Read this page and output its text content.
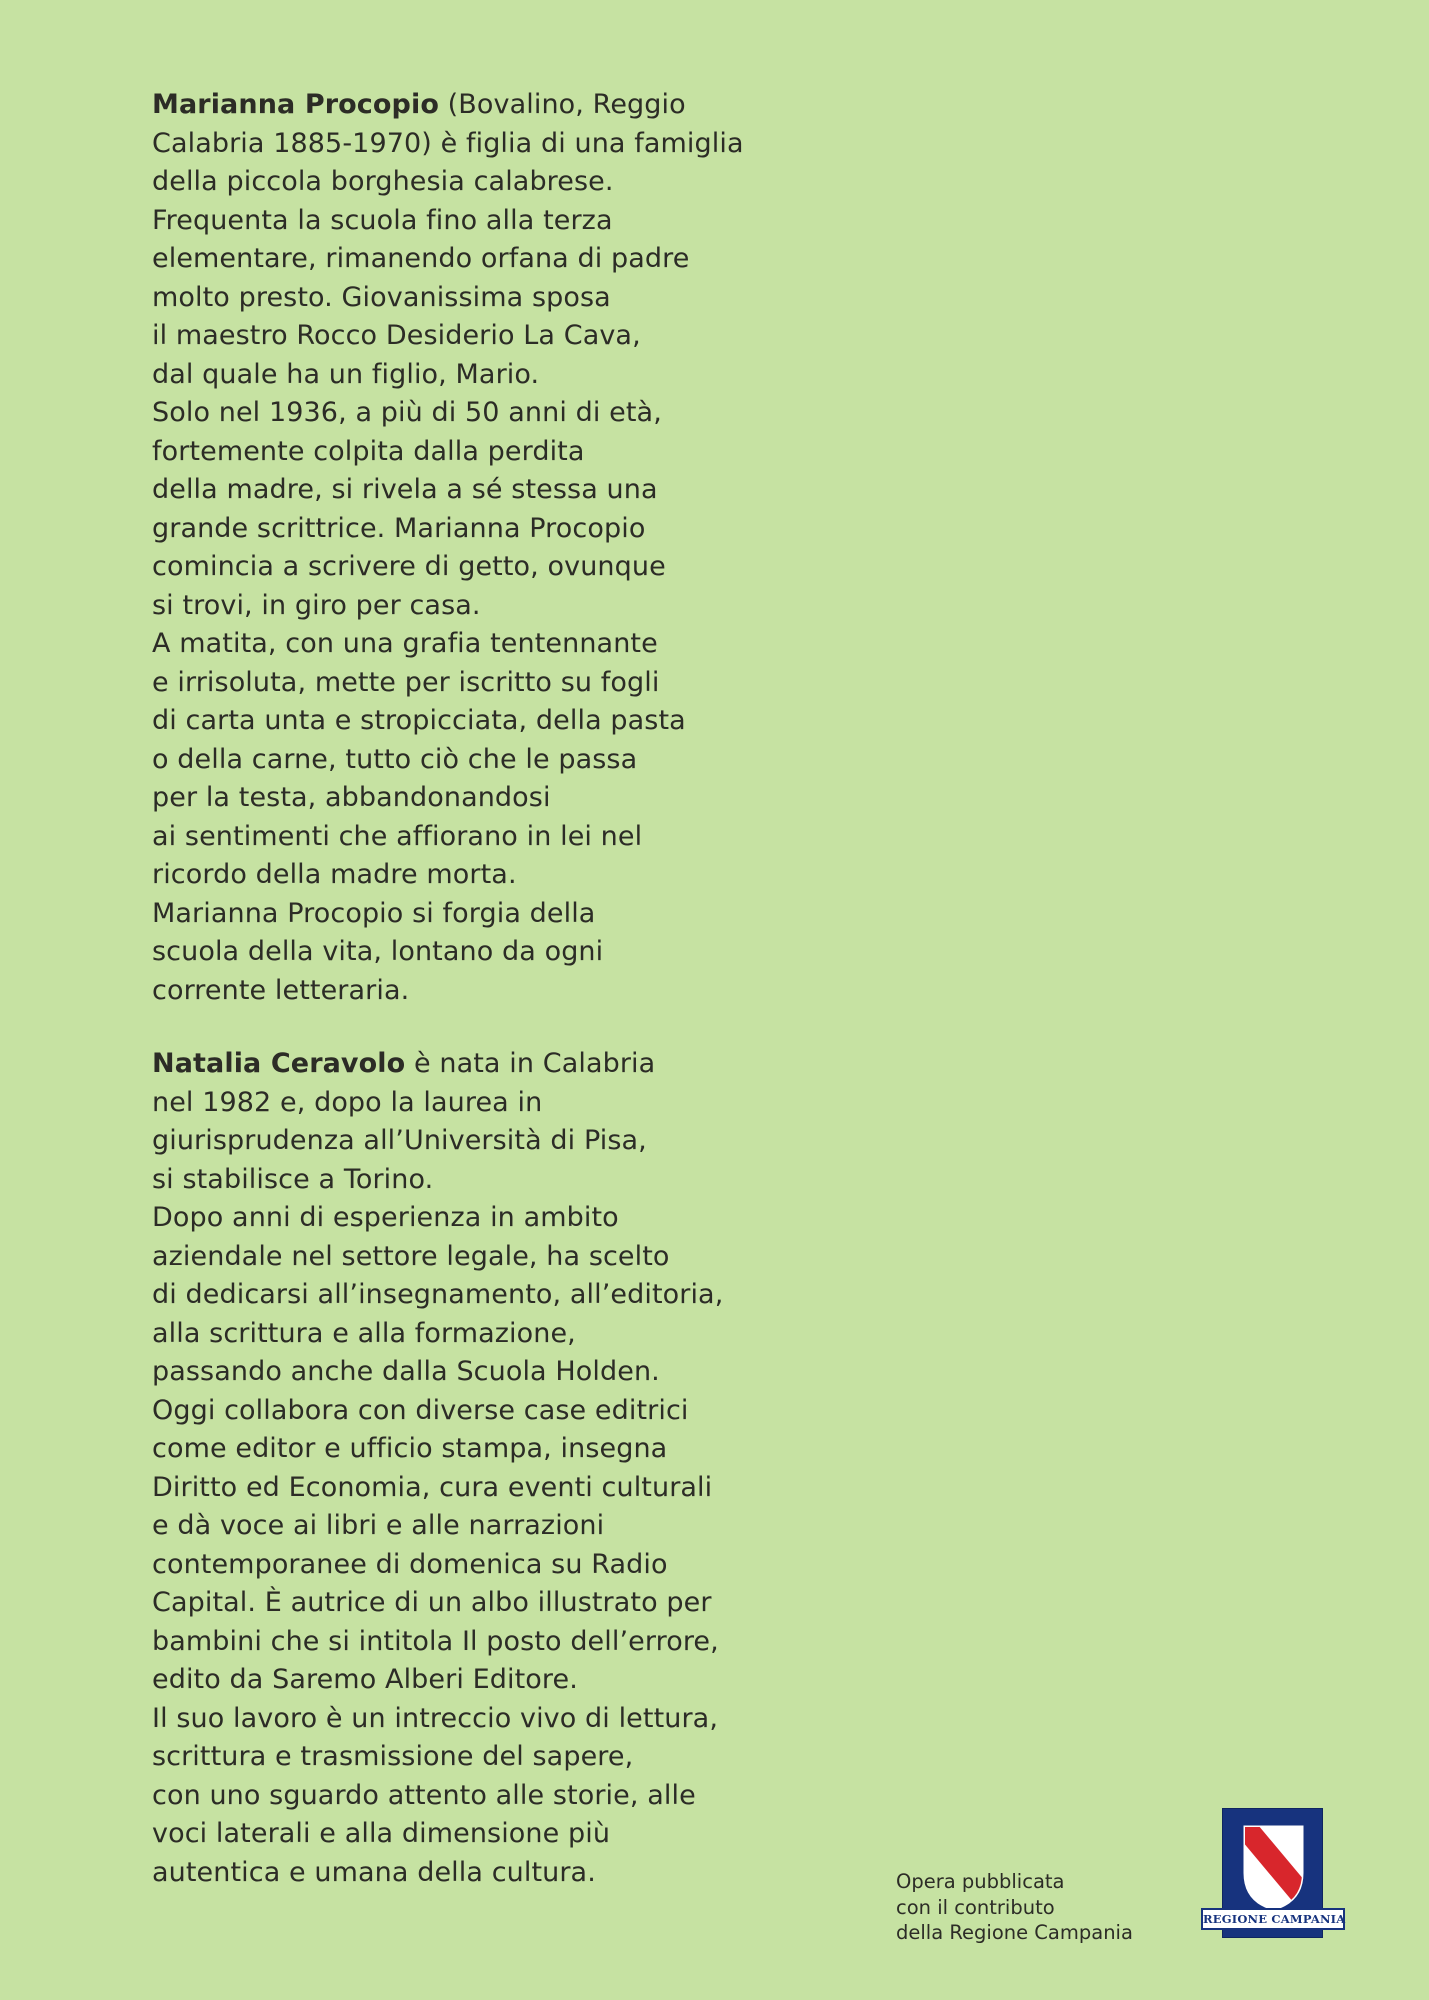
Marianna Procopio (Bovalino, Reggio
Calabria 1885-1970) è figlia di una famiglia
della piccola borghesia calabrese.
Frequenta la scuola fino alla terza
elementare, rimanendo orfana di padre
molto presto. Giovanissima sposa
il maestro Rocco Desiderio La Cava,
dal quale ha un figlio, Mario.
Solo nel 1936, a più di 50 anni di età,
fortemente colpita dalla perdita
della madre, si rivela a sé stessa una
grande scrittrice. Marianna Procopio
comincia a scrivere di getto, ovunque
si trovi, in giro per casa.
A matita, con una grafia tentennante
e irrisoluta, mette per iscritto su fogli
di carta unta e stropicciata, della pasta
o della carne, tutto ciò che le passa
per la testa, abbandonandosi
ai sentimenti che affiorano in lei nel
ricordo della madre morta.
Marianna Procopio si forgia della
scuola della vita, lontano da ogni
corrente letteraria.
Natalia Ceravolo è nata in Calabria
nel 1982 e, dopo la laurea in
giurisprudenza all’Università di Pisa,
si stabilisce a Torino.
Dopo anni di esperienza in ambito
aziendale nel settore legale, ha scelto
di dedicarsi all’insegnamento, all’editoria,
alla scrittura e alla formazione,
passando anche dalla Scuola Holden.
Oggi collabora con diverse case editrici
come editor e ufficio stampa, insegna
Diritto ed Economia, cura eventi culturali
e dà voce ai libri e alle narrazioni
contemporanee di domenica su Radio
Capital. È autrice di un albo illustrato per
bambini che si intitola Il posto dell’errore,
edito da Saremo Alberi Editore.
Il suo lavoro è un intreccio vivo di lettura,
scrittura e trasmissione del sapere,
con uno sguardo attento alle storie, alle
voci laterali e alla dimensione più
autentica e umana della cultura.	Opera pubblicata
con il contributo
della Regione Campania
REGIONE CAMPANIA
